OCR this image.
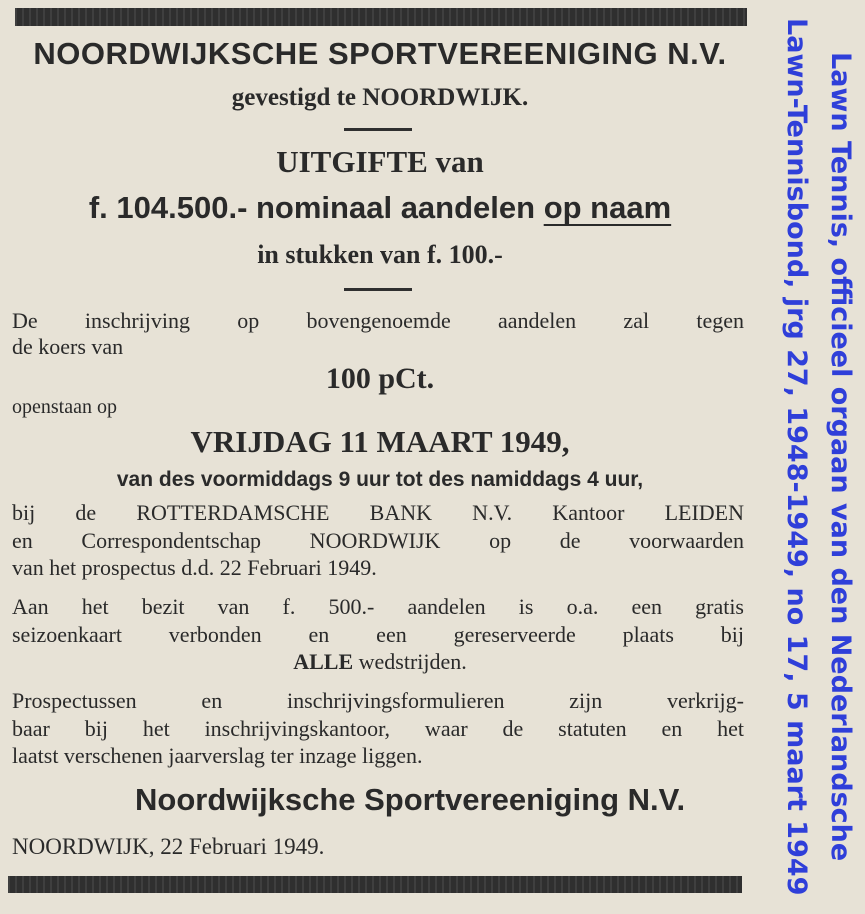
NOORDWIJKSCHE SPORTVEREENIGING N.V.
gevestigd te NOORDWIJK.
UITGIFTE van
f. 104.500.- nominaal aandelen op naam
in stukken van f. 100.-
De inschrijving op bovengenoemde aandelen zal tegen
de koers van
100 pCt.
openstaan op
VRIJDAG 11 MAART 1949,
van des voormiddags 9 uur tot des namiddags 4 uur,
bij de ROTTERDAMSCHE BANK N.V. Kantoor LEIDEN
en Correspondentschap NOORDWIJK op de voorwaarden
van het prospectus d.d. 22 Februari 1949.
Aan het bezit van f. 500.- aandelen is o.a. een gratis
seizoenkaart verbonden en een gereserveerde plaats bij
ALLE wedstrijden.
Prospectussen en inschrijvingsformulieren zijn verkrijg-
baar bij het inschrijvingskantoor, waar de statuten en het
laatst verschenen jaarverslag ter inzage liggen.
Noordwijksche Sportvereeniging N.V.
NOORDWIJK, 22 Februari 1949.	Lawn Tennis, officieel orgaan van den Nederlandsche
Lawn-Tennisbond, jrg 27, 1948-1949, no 17, 5 maart 1949
